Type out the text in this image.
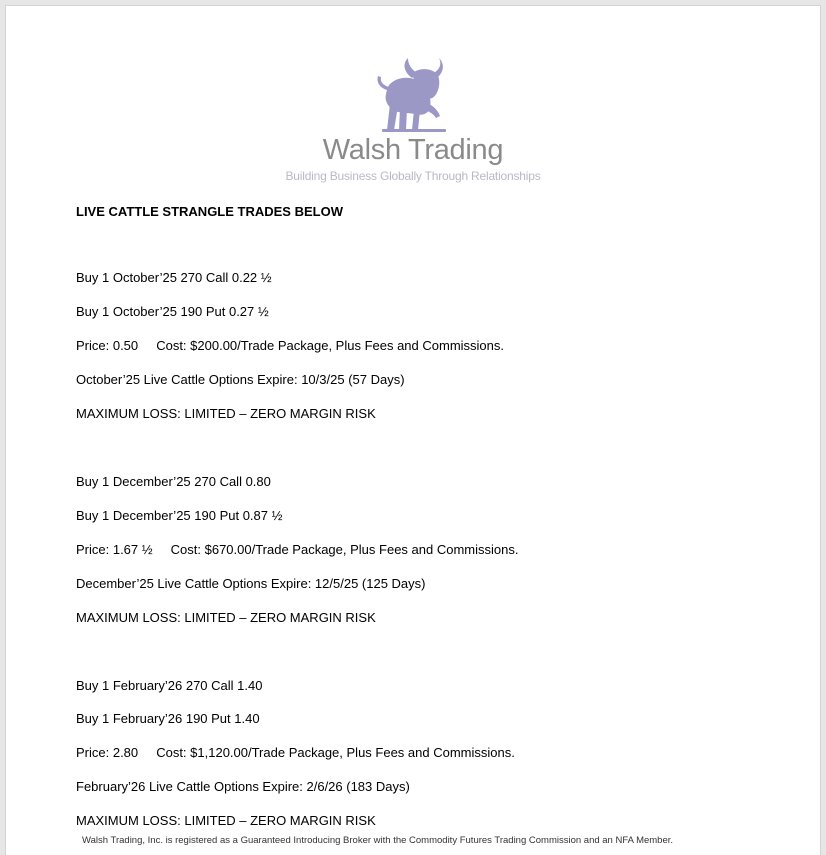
Walsh Trading
Building Business Globally Through Relationships
LIVE CATTLE STRANGLE TRADES BELOW
Buy 1 October’25 270 Call 0.22 ½
Buy 1 October’25 190 Put 0.27 ½
Price: 0.50     Cost: $200.00/Trade Package, Plus Fees and Commissions.
October’25 Live Cattle Options Expire: 10/3/25 (57 Days)
MAXIMUM LOSS: LIMITED – ZERO MARGIN RISK
Buy 1 December’25 270 Call 0.80
Buy 1 December’25 190 Put 0.87 ½
Price: 1.67 ½     Cost: $670.00/Trade Package, Plus Fees and Commissions.
December’25 Live Cattle Options Expire: 12/5/25 (125 Days)
MAXIMUM LOSS: LIMITED – ZERO MARGIN RISK
Buy 1 February’26 270 Call 1.40
Buy 1 February’26 190 Put 1.40
Price: 2.80     Cost: $1,120.00/Trade Package, Plus Fees and Commissions.
February’26 Live Cattle Options Expire: 2/6/26 (183 Days)
MAXIMUM LOSS: LIMITED – ZERO MARGIN RISK
Walsh Trading, Inc. is registered as a Guaranteed Introducing Broker with the Commodity Futures Trading Commission and an NFA Member.
